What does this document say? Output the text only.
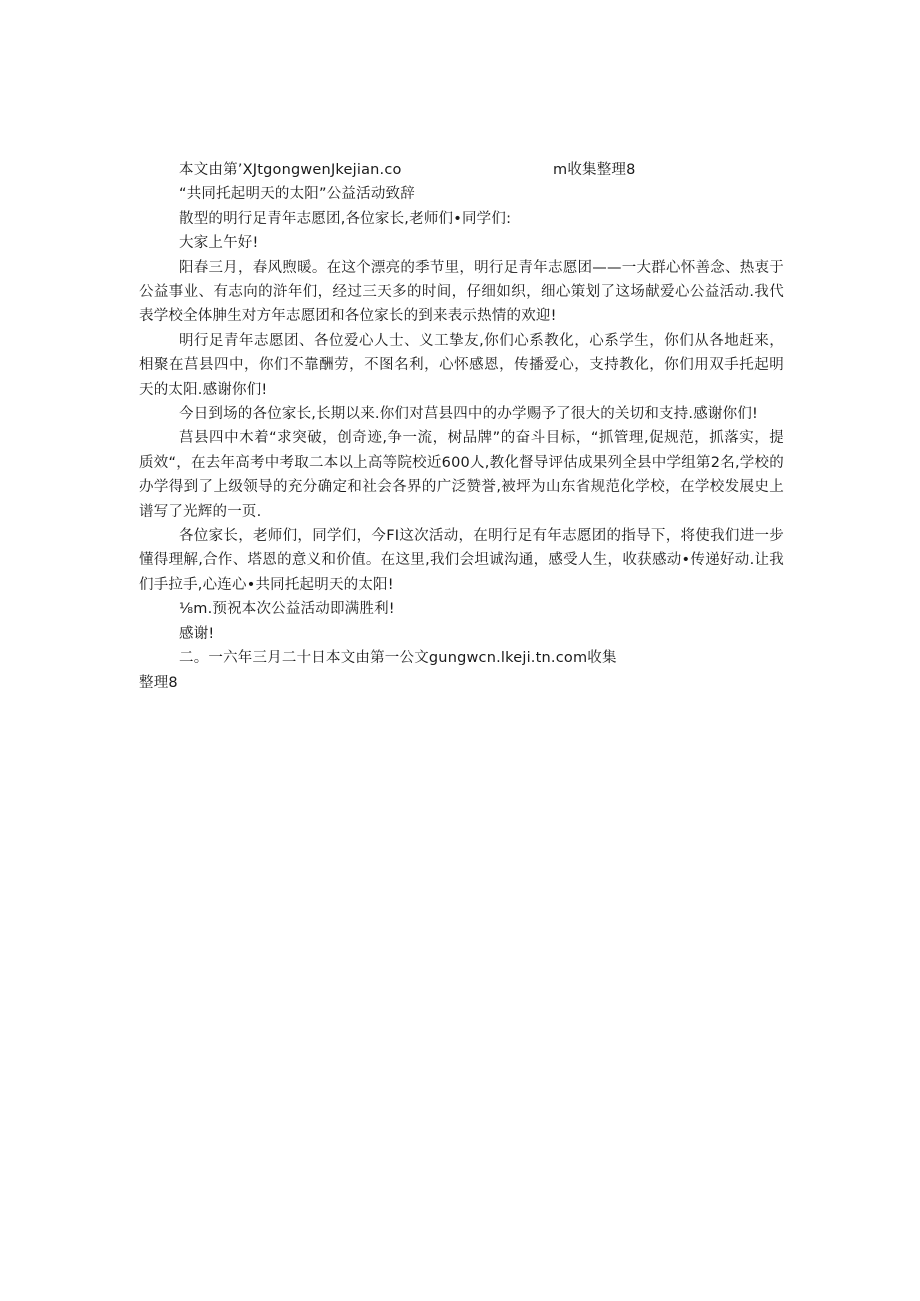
本文由第’XJtgongwenJkejian.co	m收集整理8

“共同托起明天的太阳”公益活动致辞

散型的明行足青年志愿团,各位家长,老师们•同学们:

大家上午好!

阳春三月，春风煦暖。在这个漂亮的季节里，明行足青年志愿团——一大群心怀善念、热衷于公益事业、有志向的浒年们，经过三天多的时间，仔细如织，细心策划了这场献爱心公益活动.我代表学校全体胂生对方年志愿团和各位家长的到来表示热情的欢迎!

明行足青年志愿团、各位爱心人士、义工挚友,你们心系教化，心系学生，你们从各地赶来，相聚在莒县四中，你们不靠酬劳，不图名利，心怀感恩，传播爱心，支持教化，你们用双手托起明天的太阳.感谢你们!

今日到场的各位家长,长期以来.你们对莒县四中的办学赐予了很大的关切和支持.感谢你们!

莒县四中木着“求突破，创奇迹,争一流，树品牌”的奋斗目标，“抓管理,促规范，抓落实，提质效“，在去年高考中考取二本以上高等院校近600人,教化督导评估成果列全县中学组第2名,学校的办学得到了上级领导的充分确定和社会各界的广泛赞誉,被坪为山东省规范化学校，在学校发展史上谱写了光辉的一页.

各位家长，老师们，同学们，今FI这次活动，在明行足有年志愿团的指导下，将使我们进一步懂得理解,合作、塔恩的意义和价值。在这里,我们会坦诚沟通，感受人生，收获感动•传递好动.让我们手拉手,心连心•共同托起明天的太阳!

⅛m.预祝本次公益活动即满胜利!

感谢!

二。一六年三月二十日本文由第一公文gungwcn.lkeji.tn.com收集

整理8
